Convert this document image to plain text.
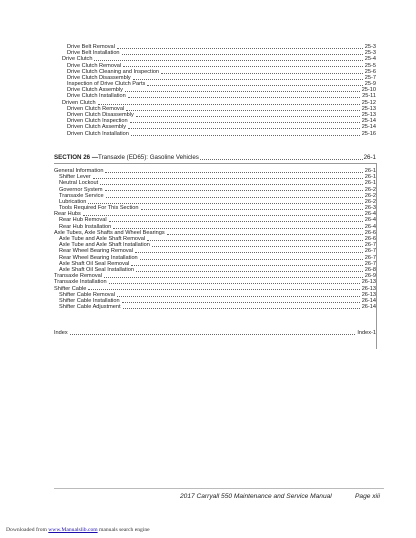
Drive Belt Removal	25-3
Drive Belt Installation	25-3
Drive Clutch	25-4
Drive Clutch Removal	25-5
Drive Clutch Cleaning and Inspection	25-6
Drive Clutch Disassembly	25-7
Inspection of Drive Clutch Parts	25-9
Drive Clutch Assembly	25-10
Drive Clutch Installation	25-11
Driven Clutch	25-12
Driven Clutch Removal	25-13
Driven Clutch Disassembly	25-13
Driven Clutch Inspection	25-14
Driven Clutch Assembly	25-14
Driven Clutch Installation	25-16
SECTION 26 — Transaxle (ED65): Gasoline Vehicles	26-1
General Information	26-1
Shifter Lever	26-1
Neutral Lockout	26-1
Governor System	26-2
Transaxle Service	26-2
Lubrication	26-2
Tools Required For This Section	26-3
Rear Hubs	26-4
Rear Hub Removal	26-4
Rear Hub Installation	26-4
Axle Tubes, Axle Shafts and Wheel Bearings	26-6
Axle Tube and Axle Shaft Removal	26-6
Axle Tube and Axle Shaft Installation	26-7
Rear Wheel Bearing Removal	26-7
Rear Wheel Bearing Installation	26-7
Axle Shaft Oil Seal Removal	26-7
Axle Shaft Oil Seal Installation	26-8
Transaxle Removal	26-9
Transaxle Installation	26-13
Shifter Cable	26-13
Shifter Cable Removal	26-13
Shifter Cable Installation	26-14
Shifter Cable Adjustment	26-14
Index	Index-1
2017 Carryall 550 Maintenance and Service Manual	Page xiii
Downloaded from www.Manualslib.com manuals search engine
